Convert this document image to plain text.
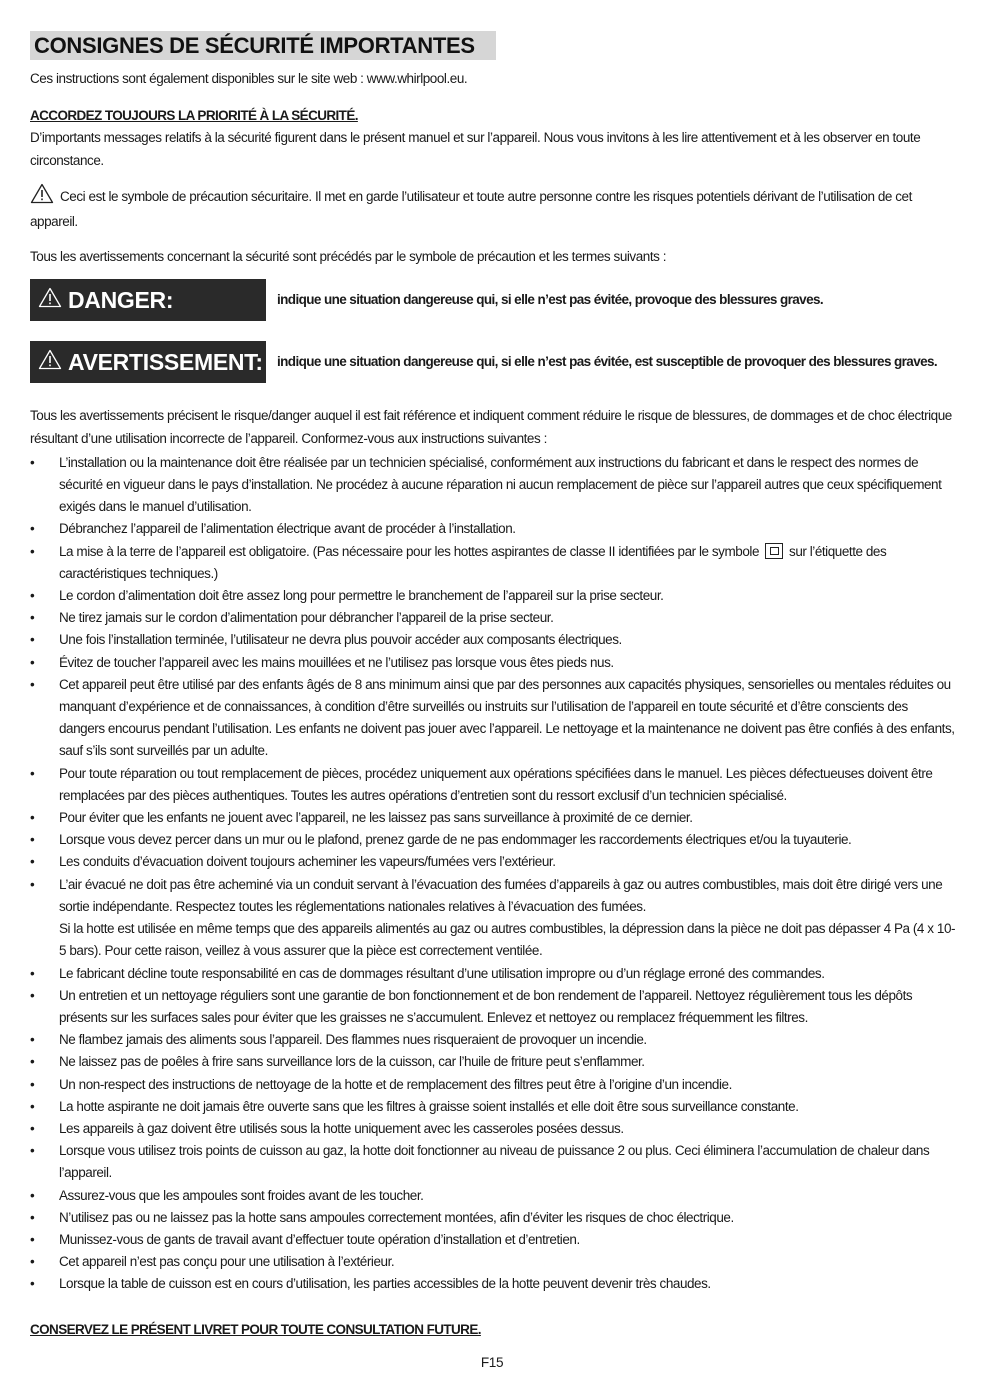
CONSIGNES DE SÉCURITÉ IMPORTANTES
Ces instructions sont également disponibles sur le site web : www.whirlpool.eu.
ACCORDEZ TOUJOURS LA PRIORITÉ À LA SÉCURITÉ.
D’importants messages relatifs à la sécurité figurent dans le présent manuel et sur l’appareil. Nous vous invitons à les lire attentivement et à les observer en toute circonstance.
Ceci est le symbole de précaution sécuritaire. Il met en garde l’utilisateur et toute autre personne contre les risques potentiels dérivant de l’utilisation de cet appareil.
Tous les avertissements concernant la sécurité sont précédés par le symbole de précaution et les termes suivants :
DANGER:	indique une situation dangereuse qui, si elle n’est pas évitée, provoque des blessures graves.
AVERTISSEMENT: indique une situation dangereuse qui, si elle n’est pas évitée, est susceptible de provoquer des blessures graves.
Tous les avertissements précisent le risque/danger auquel il est fait référence et indiquent comment réduire le risque de blessures, de dommages et de choc électrique résultant d’une utilisation incorrecte de l’appareil. Conformez-vous aux instructions suivantes :
• L’installation ou la maintenance doit être réalisée par un technicien spécialisé, conformément aux instructions du fabricant et dans le respect des normes de sécurité en vigueur dans le pays d’installation. Ne procédez à aucune réparation ni aucun remplacement de pièce sur l’appareil autres que ceux spécifiquement exigés dans le manuel d’utilisation.
• Débranchez l’appareil de l’alimentation électrique avant de procéder à l’installation.
• La mise à la terre de l’appareil est obligatoire. (Pas nécessaire pour les hottes aspirantes de classe II identifiées par le symbole sur l’étiquette des caractéristiques techniques.)
• Le cordon d’alimentation doit être assez long pour permettre le branchement de l’appareil sur la prise secteur.
• Ne tirez jamais sur le cordon d’alimentation pour débrancher l’appareil de la prise secteur.
• Une fois l’installation terminée, l’utilisateur ne devra plus pouvoir accéder aux composants électriques.
• Évitez de toucher l’appareil avec les mains mouillées et ne l’utilisez pas lorsque vous êtes pieds nus.
• Cet appareil peut être utilisé par des enfants âgés de 8 ans minimum ainsi que par des personnes aux capacités physiques, sensorielles ou mentales réduites ou manquant d’expérience et de connaissances, à condition d’être surveillés ou instruits sur l’utilisation de l’appareil en toute sécurité et d’être conscients des dangers encourus pendant l’utilisation. Les enfants ne doivent pas jouer avec l’appareil. Le nettoyage et la maintenance ne doivent pas être confiés à des enfants, sauf s’ils sont surveillés par un adulte.
• Pour toute réparation ou tout remplacement de pièces, procédez uniquement aux opérations spécifiées dans le manuel. Les pièces défectueuses doivent être remplacées par des pièces authentiques. Toutes les autres opérations d’entretien sont du ressort exclusif d’un technicien spécialisé.
• Pour éviter que les enfants ne jouent avec l’appareil, ne les laissez pas sans surveillance à proximité de ce dernier.
• Lorsque vous devez percer dans un mur ou le plafond, prenez garde de ne pas endommager les raccordements électriques et/ou la tuyauterie.
• Les conduits d’évacuation doivent toujours acheminer les vapeurs/fumées vers l’extérieur.
• L’air évacué ne doit pas être acheminé via un conduit servant à l’évacuation des fumées d’appareils à gaz ou autres combustibles, mais doit être dirigé vers une sortie indépendante. Respectez toutes les réglementations nationales relatives à l’évacuation des fumées.
Si la hotte est utilisée en même temps que des appareils alimentés au gaz ou autres combustibles, la dépression dans la pièce ne doit pas dépasser 4 Pa (4 x 10-5 bars). Pour cette raison, veillez à vous assurer que la pièce est correctement ventilée.
• Le fabricant décline toute responsabilité en cas de dommages résultant d’une utilisation impropre ou d’un réglage erroné des commandes.
• Un entretien et un nettoyage réguliers sont une garantie de bon fonctionnement et de bon rendement de l’appareil. Nettoyez régulièrement tous les dépôts présents sur les surfaces sales pour éviter que les graisses ne s’accumulent. Enlevez et nettoyez ou remplacez fréquemment les filtres.
• Ne flambez jamais des aliments sous l’appareil. Des flammes nues risqueraient de provoquer un incendie.
• Ne laissez pas de poêles à frire sans surveillance lors de la cuisson, car l’huile de friture peut s’enflammer.
• Un non-respect des instructions de nettoyage de la hotte et de remplacement des filtres peut être à l’origine d’un incendie.
• La hotte aspirante ne doit jamais être ouverte sans que les filtres à graisse soient installés et elle doit être sous surveillance constante.
• Les appareils à gaz doivent être utilisés sous la hotte uniquement avec les casseroles posées dessus.
• Lorsque vous utilisez trois points de cuisson au gaz, la hotte doit fonctionner au niveau de puissance 2 ou plus. Ceci éliminera l’accumulation de chaleur dans l’appareil.
• Assurez-vous que les ampoules sont froides avant de les toucher.
• N’utilisez pas ou ne laissez pas la hotte sans ampoules correctement montées, afin d’éviter les risques de choc électrique.
• Munissez-vous de gants de travail avant d’effectuer toute opération d’installation et d’entretien.
• Cet appareil n’est pas conçu pour une utilisation à l’extérieur.
• Lorsque la table de cuisson est en cours d’utilisation, les parties accessibles de la hotte peuvent devenir très chaudes.
CONSERVEZ LE PRÉSENT LIVRET POUR TOUTE CONSULTATION FUTURE.
F15
